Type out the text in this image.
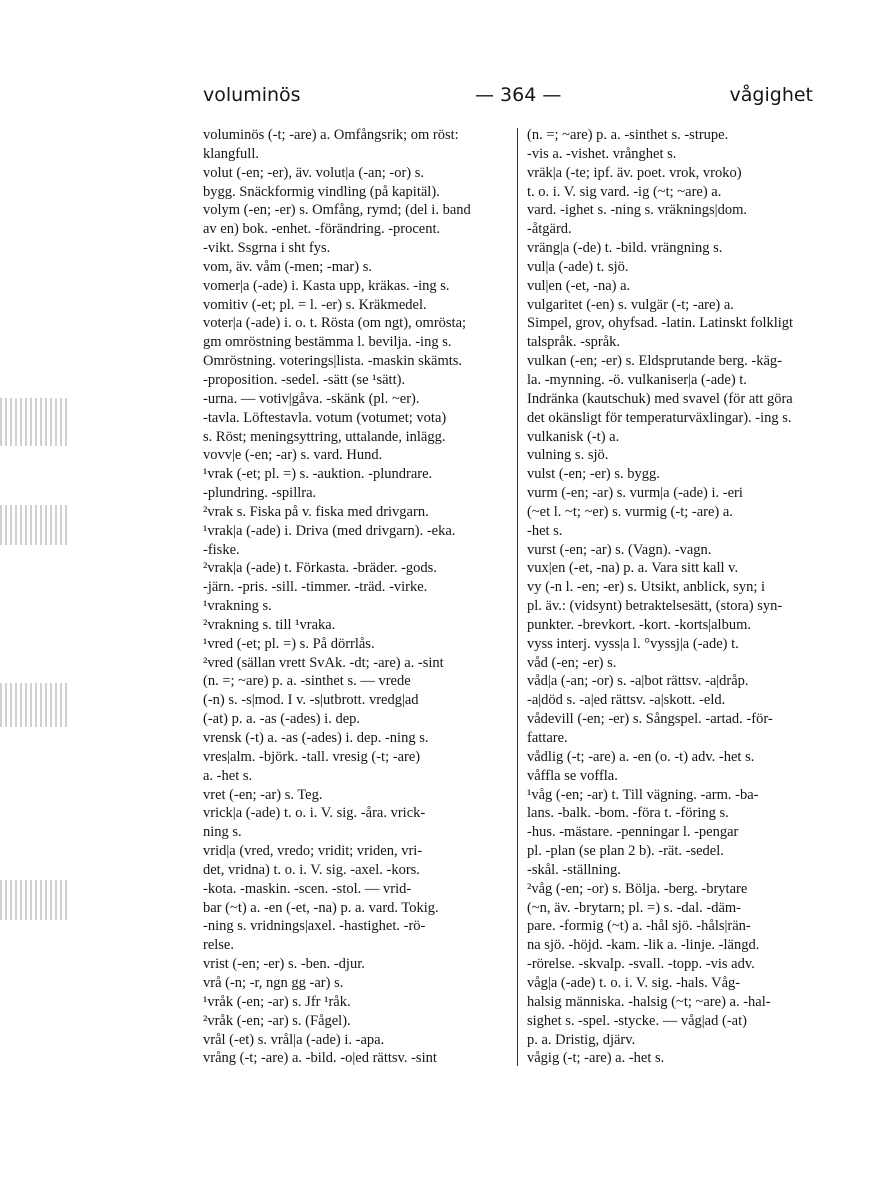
voluminös	— 364 —	vågighet
voluminös (-t; -are) a. Omfångsrik; om röst:
klangfull.
volut (-en; -er), äv. volut|a (-an; -or) s.
bygg. Snäckformig vindling (på kapitäl).
volym (-en; -er) s. Omfång, rymd; (del i. band
av en) bok. -enhet. -förändring. -procent.
-vikt. Ssgrna i sht fys.
vom, äv. våm (-men; -mar) s.
vomer|a (-ade) i. Kasta upp, kräkas. -ing s.
vomitiv (-et; pl. = l. -er) s. Kräkmedel.
voter|a (-ade) i. o. t. Rösta (om ngt), omrösta;
gm omröstning bestämma l. bevilja. -ing s.
Omröstning. voterings|lista. -maskin skämts.
-proposition. -sedel. -sätt (se ¹sätt).
-urna. — votiv|gåva. -skänk (pl. ~er).
-tavla. Löftestavla. votum (votumet; vota)
s. Röst; meningsyttring, uttalande, inlägg.
vovv|e (-en; -ar) s. vard. Hund.
¹vrak (-et; pl. =) s. -auktion. -plundrare.
-plundring. -spillra.
²vrak s. Fiska på v. fiska med drivgarn.
¹vrak|a (-ade) i. Driva (med drivgarn). -eka.
-fiske.
²vrak|a (-ade) t. Förkasta. -bräder. -gods.
-järn. -pris. -sill. -timmer. -träd. -virke.
¹vrakning s.
²vrakning s. till ¹vraka.
¹vred (-et; pl. =) s. På dörrlås.
²vred (sällan vrett SvAk. -dt; -are) a. -sint
(n. =; ~are) p. a. -sinthet s. — vrede
(-n) s. -s|mod. I v. -s|utbrott. vredg|ad
(-at) p. a. -as (-ades) i. dep.
vrensk (-t) a. -as (-ades) i. dep. -ning s.
vres|alm. -björk. -tall. vresig (-t; -are)
a. -het s.
vret (-en; -ar) s. Teg.
vrick|a (-ade) t. o. i. V. sig. -åra. vrick-
ning s.
vrid|a (vred, vredo; vridit; vriden, vri-
det, vridna) t. o. i. V. sig. -axel. -kors.
-kota. -maskin. -scen. -stol. — vrid-
bar (~t) a. -en (-et, -na) p. a. vard. Tokig.
-ning s. vridnings|axel. -hastighet. -rö-
relse.
vrist (-en; -er) s. -ben. -djur.
vrå (-n; -r, ngn gg -ar) s.
¹vråk (-en; -ar) s. Jfr ¹råk.
²vråk (-en; -ar) s. (Fågel).
vrål (-et) s. vrål|a (-ade) i. -apa.
vrång (-t; -are) a. -bild. -o|ed rättsv. -sint
(n. =; ~are) p. a. -sinthet s. -strupe.
-vis a. -vishet. vrånghet s.
vräk|a (-te; ipf. äv. poet. vrok, vroko)
t. o. i. V. sig vard. -ig (~t; ~are) a.
vard. -ighet s. -ning s. vräknings|dom.
-åtgärd.
vräng|a (-de) t. -bild. vrängning s.
vul|a (-ade) t. sjö.
vul|en (-et, -na) a.
vulgaritet (-en) s. vulgär (-t; -are) a.
Simpel, grov, ohyfsad. -latin. Latinskt folkligt
talspråk. -språk.
vulkan (-en; -er) s. Eldsprutande berg. -käg-
la. -mynning. -ö. vulkaniser|a (-ade) t.
Indränka (kautschuk) med svavel (för att göra
det okänsligt för temperaturväxlingar). -ing s.
vulkanisk (-t) a.
vulning s. sjö.
vulst (-en; -er) s. bygg.
vurm (-en; -ar) s. vurm|a (-ade) i. -eri
(~et l. ~t; ~er) s. vurmig (-t; -are) a.
-het s.
vurst (-en; -ar) s. (Vagn). -vagn.
vux|en (-et, -na) p. a. Vara sitt kall v.
vy (-n l. -en; -er) s. Utsikt, anblick, syn; i
pl. äv.: (vidsynt) betraktelsesätt, (stora) syn-
punkter. -brevkort. -kort. -korts|album.
vyss interj. vyss|a l. °vyssj|a (-ade) t.
våd (-en; -er) s.
våd|a (-an; -or) s. -a|bot rättsv. -a|dråp.
-a|död s. -a|ed rättsv. -a|skott. -eld.
vådevill (-en; -er) s. Sångspel. -artad. -för-
fattare.
vådlig (-t; -are) a. -en (o. -t) adv. -het s.
våffla se voffla.
¹våg (-en; -ar) t. Till vägning. -arm. -ba-
lans. -balk. -bom. -föra t. -föring s.
-hus. -mästare. -penningar l. -pengar
pl. -plan (se plan 2 b). -rät. -sedel.
-skål. -ställning.
²våg (-en; -or) s. Bölja. -berg. -brytare
(~n, äv. -brytarn; pl. =) s. -dal. -däm-
pare. -formig (~t) a. -hål sjö. -håls|rän-
na sjö. -höjd. -kam. -lik a. -linje. -längd.
-rörelse. -skvalp. -svall. -topp. -vis adv.
våg|a (-ade) t. o. i. V. sig. -hals. Våg-
halsig människa. -halsig (~t; ~are) a. -hal-
sighet s. -spel. -stycke. — våg|ad (-at)
p. a. Dristig, djärv.
vågig (-t; -are) a. -het s.
